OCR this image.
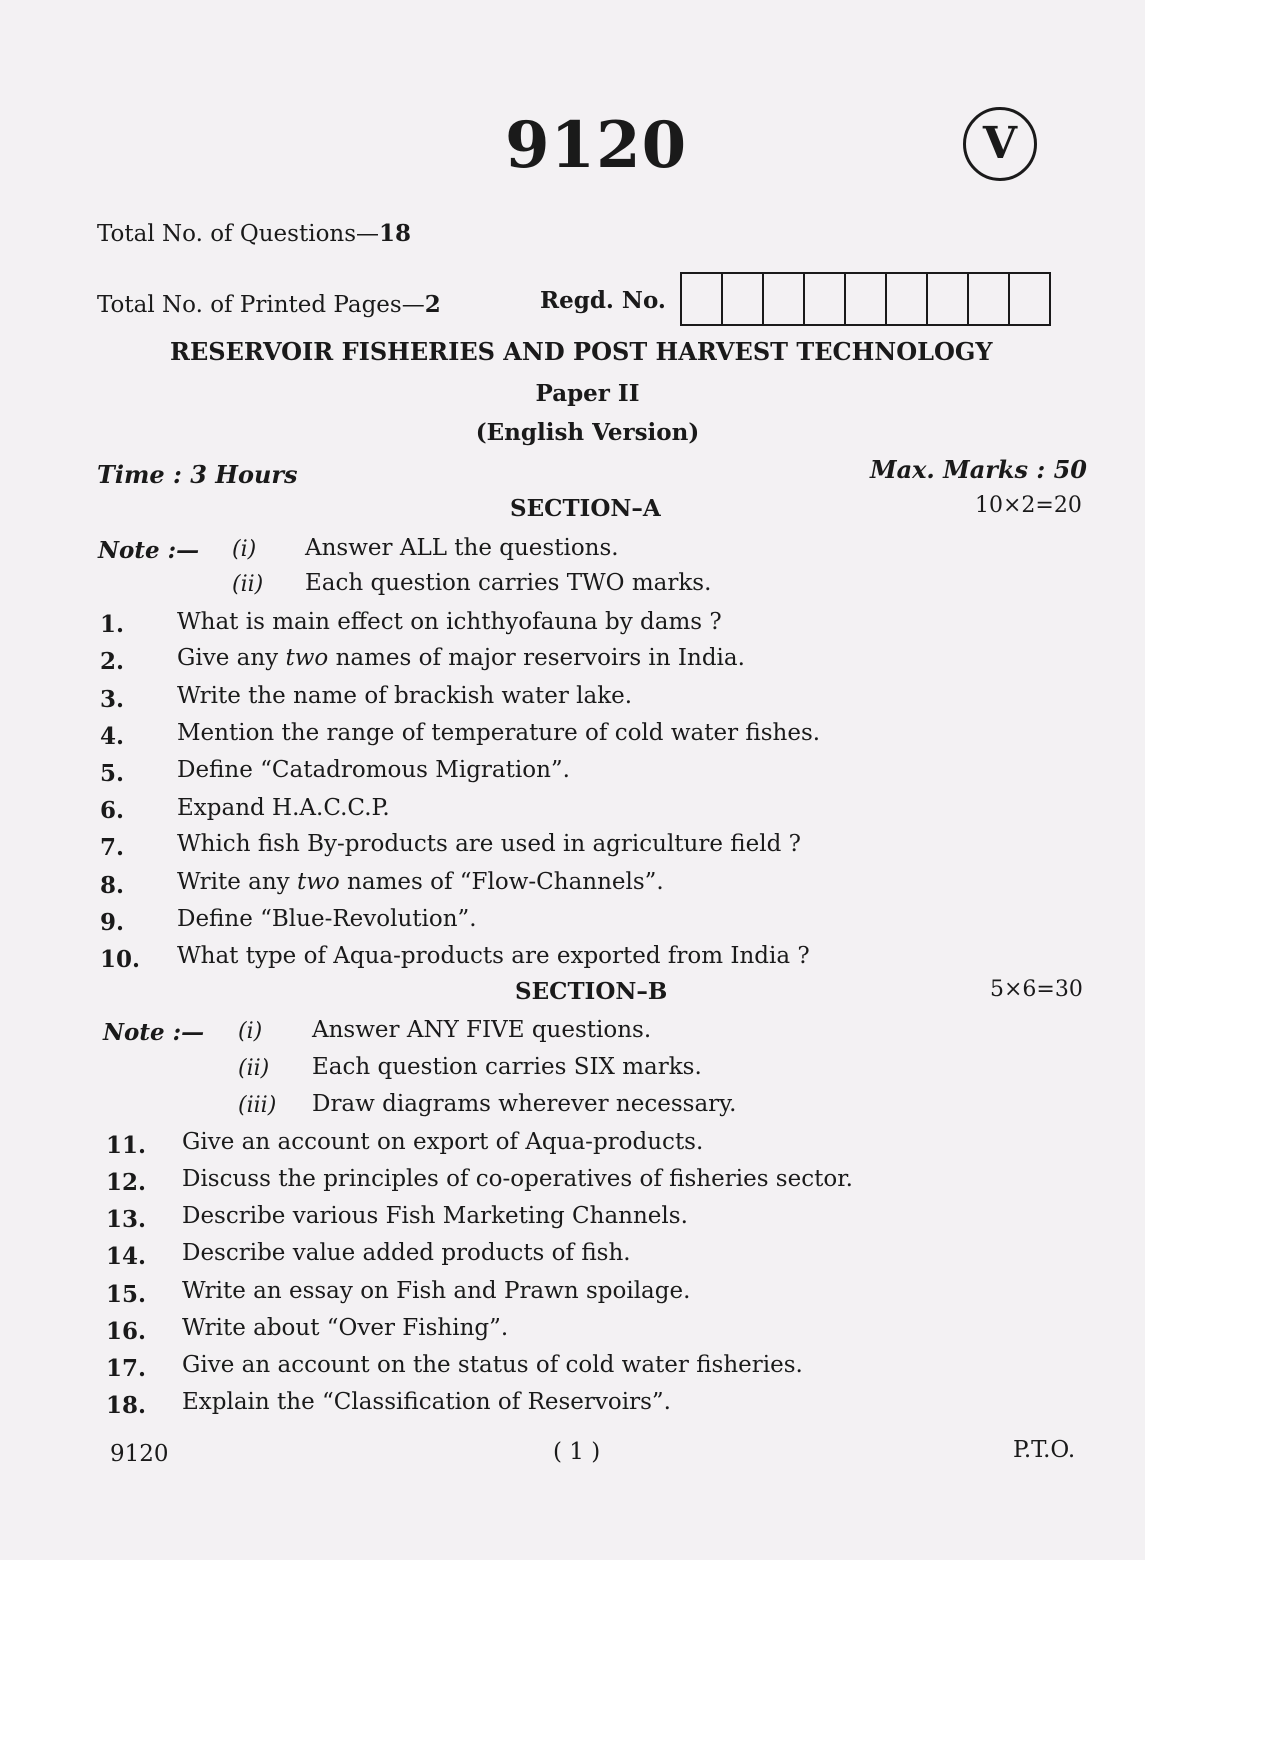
9120	V
Total No. of Questions—18
Total No. of Printed Pages—2	Regd. No.
RESERVOIR FISHERIES AND POST HARVEST TECHNOLOGY
Paper II
(English Version)
Time : 3 Hours	Max. Marks : 50
SECTION–A	10×2=20
Note :— (i) Answer ALL the questions.
(ii) Each question carries TWO marks.
1. What is main effect on ichthyofauna by dams ?
2. Give any two names of major reservoirs in India.
3. Write the name of brackish water lake.
4. Mention the range of temperature of cold water fishes.
5. Define “Catadromous Migration”.
6. Expand H.A.C.C.P.
7. Which fish By-products are used in agriculture field ?
8. Write any two names of “Flow-Channels”.
9. Define “Blue-Revolution”.
10. What type of Aqua-products are exported from India ?
SECTION–B	5×6=30
Note :— (i) Answer ANY FIVE questions.
(ii) Each question carries SIX marks.
(iii) Draw diagrams wherever necessary.
11. Give an account on export of Aqua-products.
12. Discuss the principles of co-operatives of fisheries sector.
13. Describe various Fish Marketing Channels.
14. Describe value added products of fish.
15. Write an essay on Fish and Prawn spoilage.
16. Write about “Over Fishing”.
17. Give an account on the status of cold water fisheries.
18. Explain the “Classification of Reservoirs”.
9120	( 1 )	P.T.O.
